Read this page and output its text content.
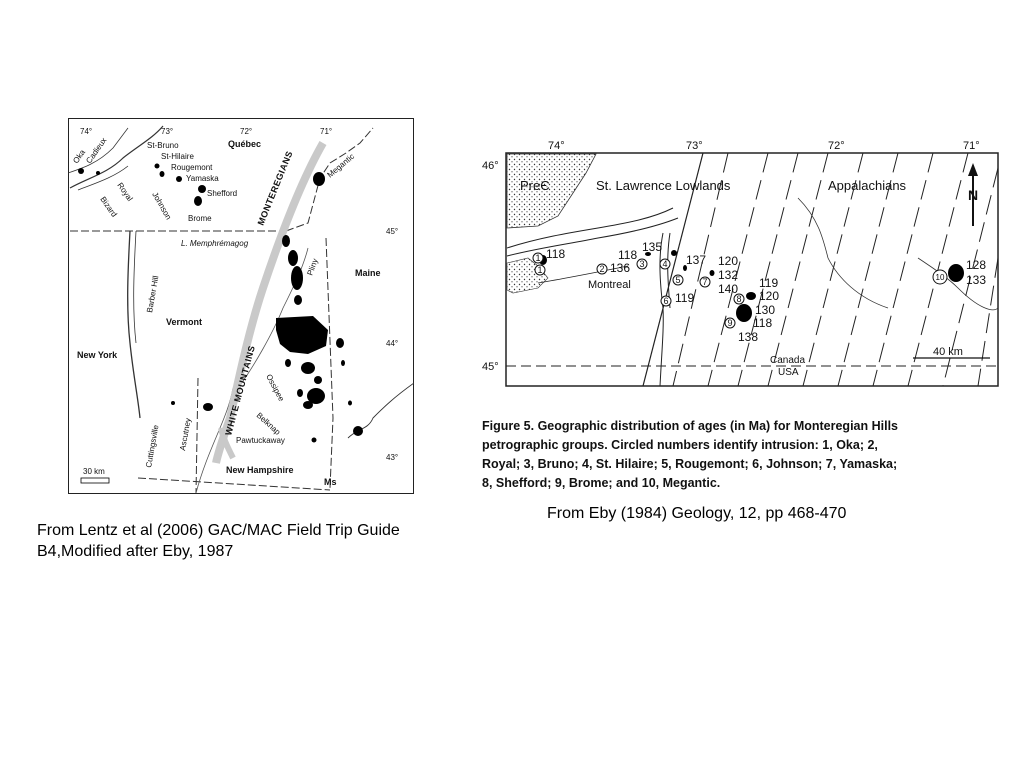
74°	73°	72°	71°
45°
44°
43°
Oka
Cadieux	St-Bruno
St-Hilaire
Rougemont
Yamaska
Shefford
Brome
Royal
Bizard	Johnson
Québec
Megantic
L. Memphrémagog
Maine
Pliny
Barber Hill
Vermont
New York
Ossipee
Belknap
Pawtuckaway
New Hampshire
Ms
Cuttingsville Ascutney
MONTEREGIANS
WHITE MOUNTAINS
30 km
74°	73°	72°	71°
46°
45°
PreЄ	St. Lawrence Lowlands	Appalachians
Montreal
N
40 km
Canada
USA
1
1	2	3 4
5
6
7
8
9
10
118	118
136
135
137 120
132
140
119
119
120
130
118
138
128
133
Figure 5. Geographic distribution of ages (in Ma) for Monteregian Hills
petrographic groups. Circled numbers identify intrusion: 1, Oka; 2,
Royal; 3, Bruno; 4, St. Hilaire; 5, Rougemont; 6, Johnson; 7, Yamaska;
8, Shefford; 9, Brome; and 10, Megantic.
From Lentz et al (2006) GAC/MAC Field Trip Guide B4,Modified after Eby, 1987
From Eby (1984) Geology, 12, pp 468-470
